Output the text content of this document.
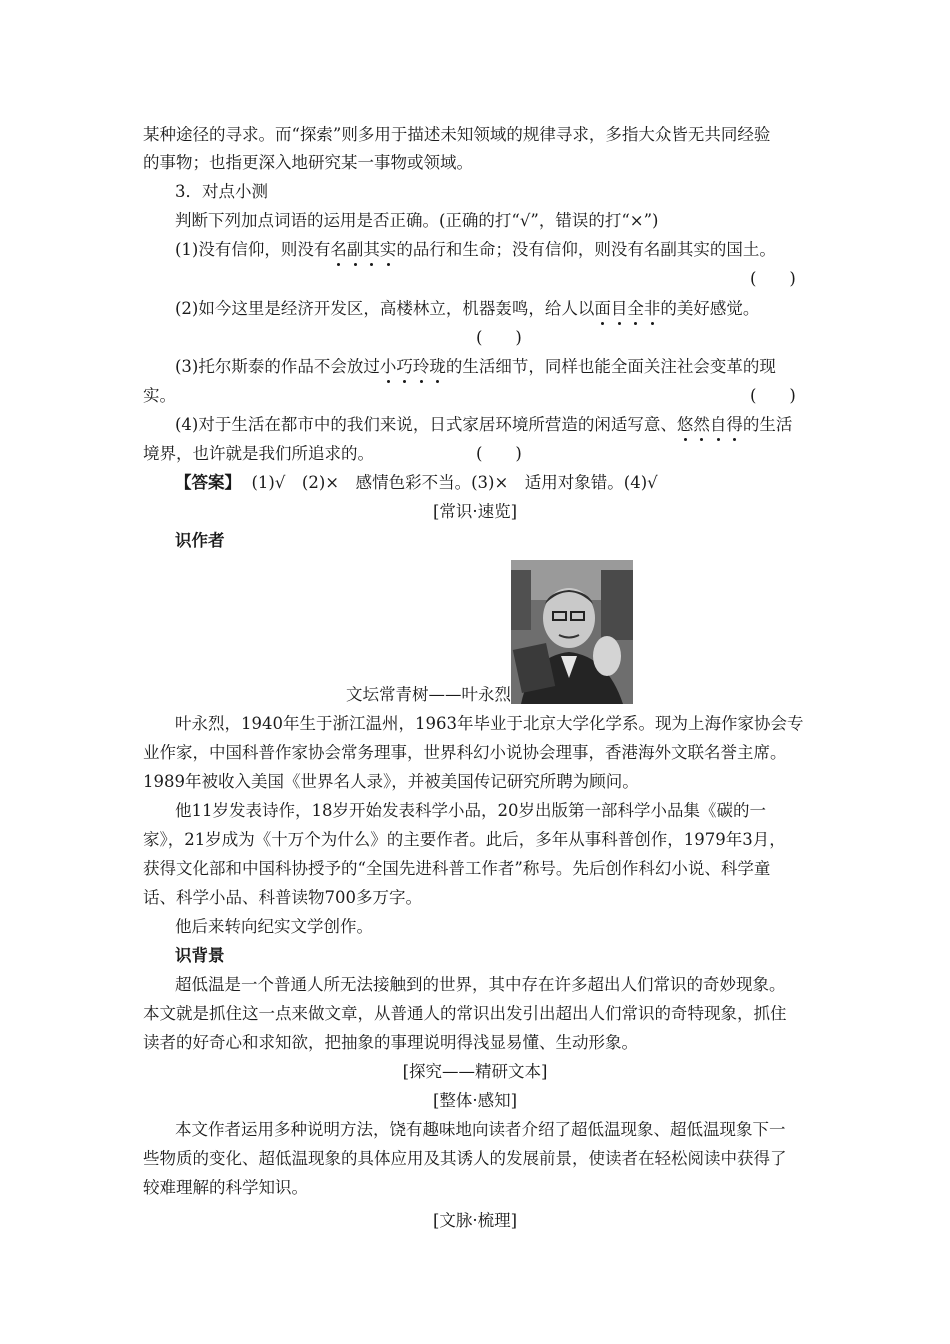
某种途径的寻求。而“探索”则多用于描述未知领域的规律寻求，多指大众皆无共同经验
的事物；也指更深入地研究某一事物或领域。
3．对点小测
判断下列加点词语的运用是否正确。(正确的打“√”，错误的打“×”)
(1)没有信仰，则没有名副其实的品行和生命；没有信仰，则没有名副其实的国土。
(　　)
(2)如今这里是经济开发区，高楼林立，机器轰鸣，给人以面目全非的美好感觉。
(　　)
(3)托尔斯泰的作品不会放过小巧玲珑的生活细节，同样也能全面关注社会变革的现
实。	(　　)
(4)对于生活在都市中的我们来说，日式家居环境所营造的闲适写意、悠然自得的生活
境界，也许就是我们所追求的。	(　　)
【答案】 (1)√　(2)×　感情色彩不当。(3)×　适用对象错。(4)√
[常识·速览]
识作者
文坛常青树——叶永烈
叶永烈，1940年生于浙江温州，1963年毕业于北京大学化学系。现为上海作家协会专
业作家，中国科普作家协会常务理事，世界科幻小说协会理事，香港海外文联名誉主席。
1989年被收入美国《世界名人录》，并被美国传记研究所聘为顾问。
他11岁发表诗作，18岁开始发表科学小品，20岁出版第一部科学小品集《碳的一
家》，21岁成为《十万个为什么》的主要作者。此后，多年从事科普创作，1979年3月，
获得文化部和中国科协授予的“全国先进科普工作者”称号。先后创作科幻小说、科学童
话、科学小品、科普读物700多万字。
他后来转向纪实文学创作。
识背景
超低温是一个普通人所无法接触到的世界，其中存在许多超出人们常识的奇妙现象。
本文就是抓住这一点来做文章，从普通人的常识出发引出超出人们常识的奇特现象，抓住
读者的好奇心和求知欲，把抽象的事理说明得浅显易懂、生动形象。
[探究——精研文本]
[整体·感知]
本文作者运用多种说明方法，饶有趣味地向读者介绍了超低温现象、超低温现象下一
些物质的变化、超低温现象的具体应用及其诱人的发展前景，使读者在轻松阅读中获得了
较难理解的科学知识。
[文脉·梳理]
